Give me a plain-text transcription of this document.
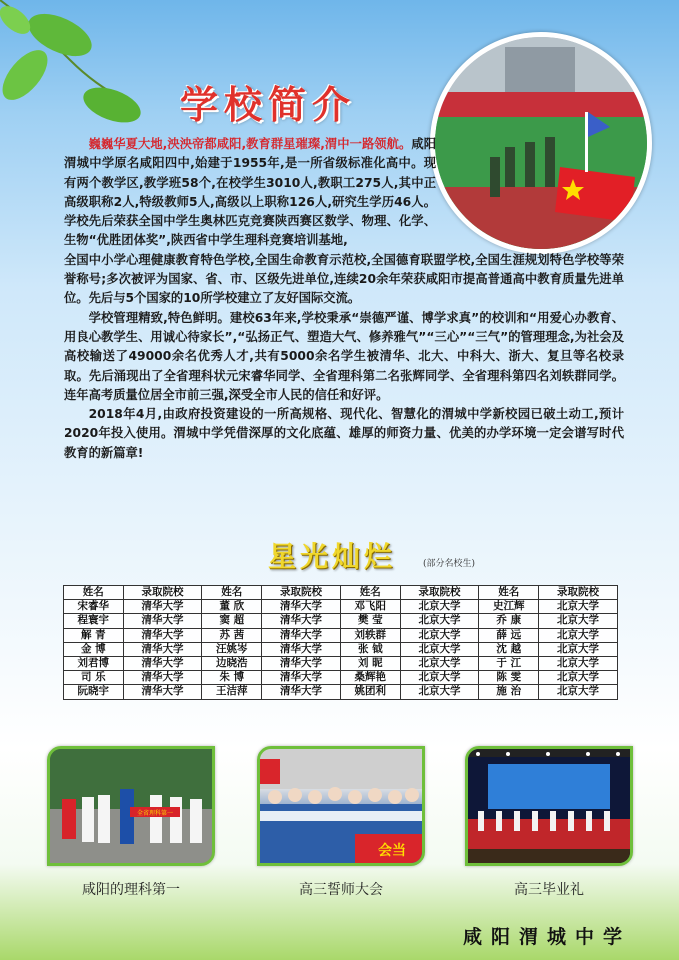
学校简介

巍巍华夏大地,泱泱帝都咸阳,教育群星璀璨,渭中一路领航。咸阳渭城中学原名咸阳四中,始建于1955年,是一所省级标准化高中。现有两个教学区,教学班58个,在校学生3010人,教职工275人,其中正高级职称2人,特级教师5人,高级以上职称126人,研究生学历46人。学校先后荣获全国中学生奥林匹克竞赛陕西赛区数学、物理、化学、生物“优胜团体奖”,陕西省中学生理科竞赛培训基地,

全国中小学心理健康教育特色学校,全国生命教育示范校,全国德育联盟学校,全国生涯规划特色学校等荣誉称号;多次被评为国家、省、市、区级先进单位,连续20余年荣获咸阳市提高普通高中教育质量先进单位。先后与5个国家的10所学校建立了友好国际交流。

学校管理精致,特色鲜明。建校63年来,学校秉承“崇德严谨、博学求真”的校训和“用爱心办教育、用良心教学生、用诚心待家长”,“弘扬正气、塑造大气、修养雅气”“三心”“三气”的管理理念,为社会及高校输送了49000余名优秀人才,共有5000余名学生被清华、北大、中科大、浙大、复旦等名校录取。先后涌现出了全省理科状元宋睿华同学、全省理科第二名张辉同学、全省理科第四名刘轶群同学。连年高考质量位居全市前三强,深受全市人民的信任和好评。

2018年4月,由政府投资建设的一所高规格、现代化、智慧化的渭城中学新校园已破土动工,预计2020年投入使用。渭城中学凭借深厚的文化底蕴、雄厚的师资力量、优美的办学环境一定会谱写时代教育的新篇章!

星光灿烂	(部分名校生)
姓名	录取院校	姓名	录取院校	姓名	录取院校	姓名	录取院校
宋睿华	清华大学	董 欣	清华大学	邓飞阳	北京大学	史江辉	北京大学
程寰宇	清华大学	窦 超	清华大学	樊 莹	北京大学	乔 康	北京大学
解 青	清华大学	苏 茜	清华大学	刘轶群	北京大学	薛 远	北京大学
金 博	清华大学	汪姚岑	清华大学	张 钺	北京大学	沈 越	北京大学
刘君博	清华大学	边晓浩	清华大学	刘 昵	北京大学	于 江	北京大学
司 乐	清华大学	朱 博	清华大学	桑辉艳	北京大学	陈 雯	北京大学
阮晓宇	清华大学	王洁萍	清华大学	姚团利	北京大学	施 治	北京大学
全省理科第一
会当
咸阳的理科第一	高三誓师大会	高三毕业礼
咸阳渭城中学
